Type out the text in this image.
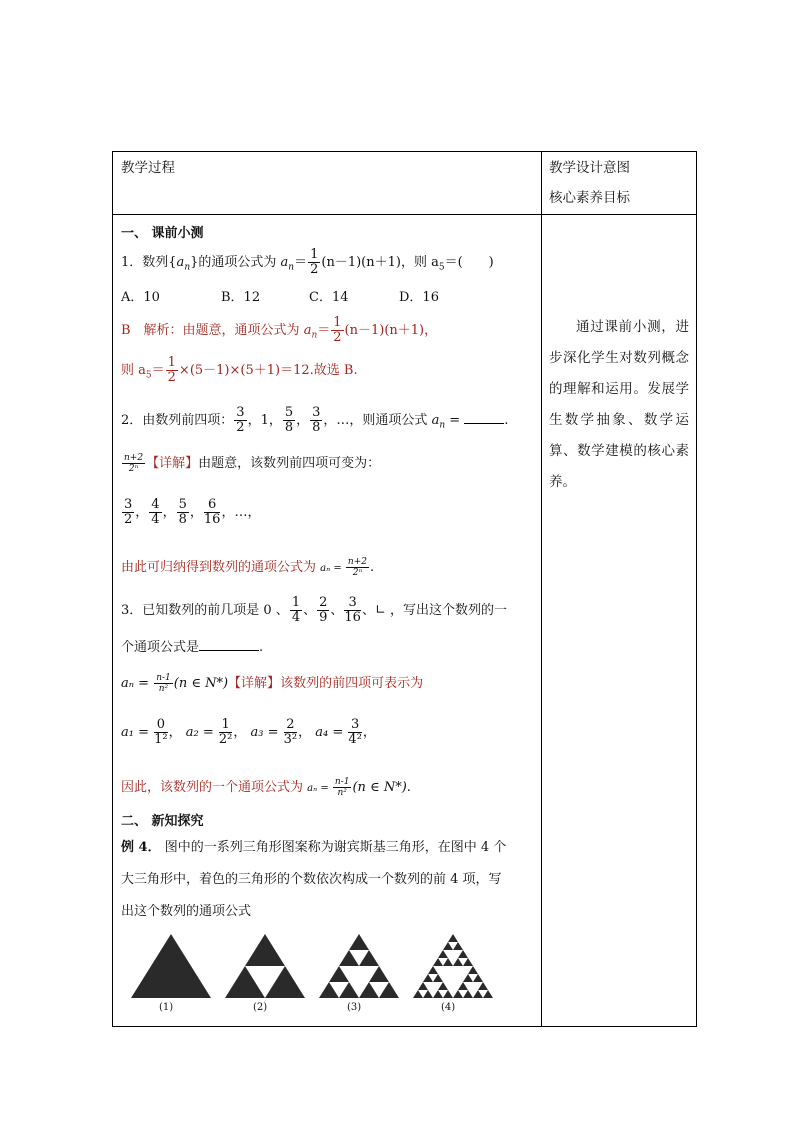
教学过程	教学设计意图
核心素养目标
一、 课前小测
1．数列$\{a_n\}$的通项公式为 $a_n= \frac{1}{2} (n-1)(n+1)$，则 $a_5=$(　　)
A．10	B．12	C．14	D．16
B　解析：由题意，通项公式为 $a_n= \frac{1}{2} (n-1)(n+1)$，
则 $a_5= \frac{1}{2} \times(5-1)\times(5+1)=12$.故选 B.
2．由数列前四项： $\frac{3}{2}$ ，1， $\frac{5}{8}$ ， $\frac{3}{8}$ ，…，则通项公式 $a_n$ =	.
$\frac{n+2}{\text{2ⁿ}}$ 【详解】由题意，该数列前四项可变为：
$\frac{3}{2}$ ， $\frac{4}{4}$ ， $\frac{5}{8}$ ， $\frac{6}{16}$ ，…，
由此可归纳得到数列的通项公式为 $a_n = \frac{n+2}{\text{2ⁿ}}$ .
3．已知数列的前几项是 0 、 $\frac{1}{4}$ 、 $\frac{2}{9}$ 、 $\frac{3}{16}$ 、∟ ，写出这个数列的一
个通项公式是	.
$a_n = \frac{n-1}{\text{n²}} (n$ ∈ N*)【详解】该数列的前四项可表示为
$a_1 = \frac{0}{\text{1²}}$ ， $a_2 = \frac{1}{\text{2²}}$ ， $a_3 = \frac{2}{\text{3²}}$ ， $a_4 = \frac{3}{\text{4²}}$ ，
因此，该数列的一个通项公式为 $a_n = \frac{n-1}{\text{n²}} (n$ ∈ N*).
二、 新知探究
例 4． 图中的一系列三角形图案称为谢宾斯基三角形，在图中 4 个
大三角形中，着色的三角形的个数依次构成一个数列的前 4 项，写
出这个数列的通项公式
(1)	(2)	(3)	(4)
通过课前小测，进步深化学生对数列概念的理解和运用。发展学生数学抽象、数学运算、数学建模的核心素养。
